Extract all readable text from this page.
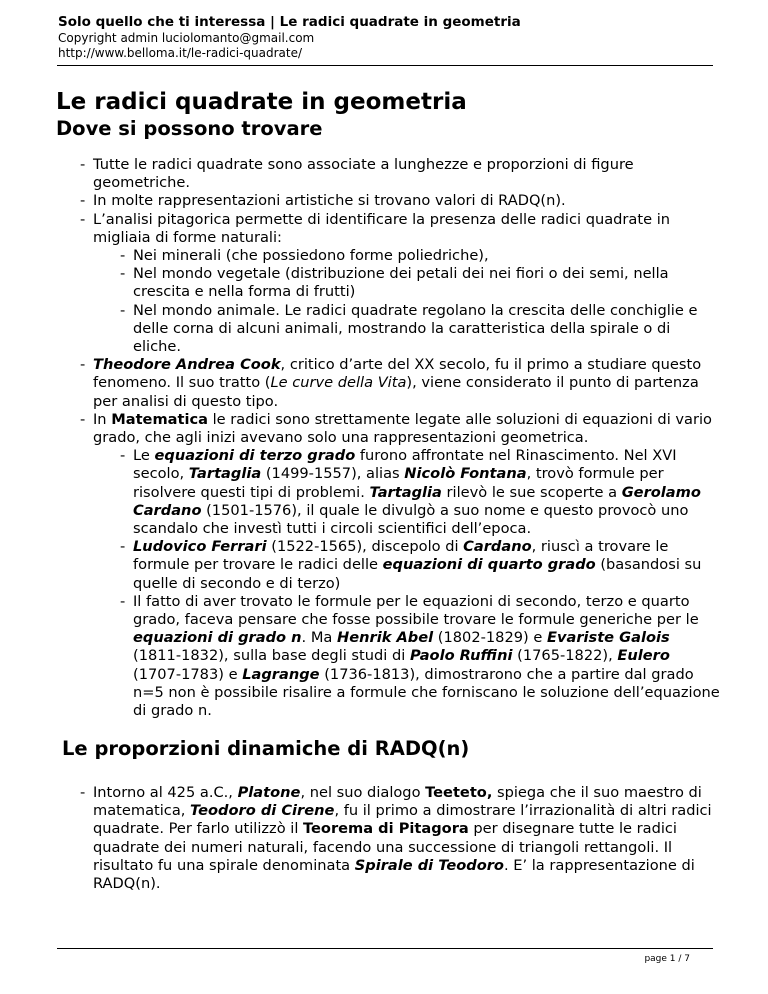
Solo quello che ti interessa | Le radici quadrate in geometria
Copyright admin luciolomanto@gmail.com
http://www.belloma.it/le-radici-quadrate/
Le radici quadrate in geometria
Dove si possono trovare
- Tutte le radici quadrate sono associate a lunghezze e proporzioni di figure geometriche.
- In molte rappresentazioni artistiche si trovano valori di RADQ(n).
- L’analisi pitagorica permette di identificare la presenza delle radici quadrate in migliaia di forme naturali:
- Nei minerali (che possiedono forme poliedriche),
- Nel mondo vegetale (distribuzione dei petali dei nei fiori o dei semi, nella crescita e nella forma di frutti)
- Nel mondo animale. Le radici quadrate regolano la crescita delle conchiglie e delle corna di alcuni animali, mostrando la caratteristica della spirale o di eliche.
- Theodore Andrea Cook, critico d’arte del XX secolo, fu il primo a studiare questo fenomeno. Il suo tratto (Le curve della Vita), viene considerato il punto di partenza per analisi di questo tipo.
- In Matematica le radici sono strettamente legate alle soluzioni di equazioni di vario grado, che agli inizi avevano solo una rappresentazioni geometrica.
- Le equazioni di terzo grado furono affrontate nel Rinascimento. Nel XVI secolo, Tartaglia (1499-1557), alias Nicolò Fontana, trovò formule per risolvere questi tipi di problemi. Tartaglia rilevò le sue scoperte a Gerolamo Cardano (1501-1576), il quale le divulgò a suo nome e questo provocò uno scandalo che investì tutti i circoli scientifici dell’epoca.
- Ludovico Ferrari (1522-1565), discepolo di Cardano, riuscì a trovare le formule per trovare le radici delle equazioni di quarto grado (basandosi su quelle di secondo e di terzo)
- Il fatto di aver trovato le formule per le equazioni di secondo, terzo e quarto grado, faceva pensare che fosse possibile trovare le formule generiche per le equazioni di grado n. Ma Henrik Abel (1802-1829) e Evariste Galois (1811-1832), sulla base degli studi di Paolo Ruffini (1765-1822), Eulero (1707-1783) e Lagrange (1736-1813), dimostrarono che a partire dal grado n=5 non è possibile risalire a formule che forniscano le soluzione dell’equazione di grado n.
Le proporzioni dinamiche di RADQ(n)
- Intorno al 425 a.C., Platone, nel suo dialogo Teeteto, spiega che il suo maestro di matematica, Teodoro di Cirene, fu il primo a dimostrare l’irrazionalità di altri radici quadrate. Per farlo utilizzò il Teorema di Pitagora per disegnare tutte le radici quadrate dei numeri naturali, facendo una successione di triangoli rettangoli. Il risultato fu una spirale denominata Spirale di Teodoro. E’ la rappresentazione di RADQ(n).
page 1 / 7
